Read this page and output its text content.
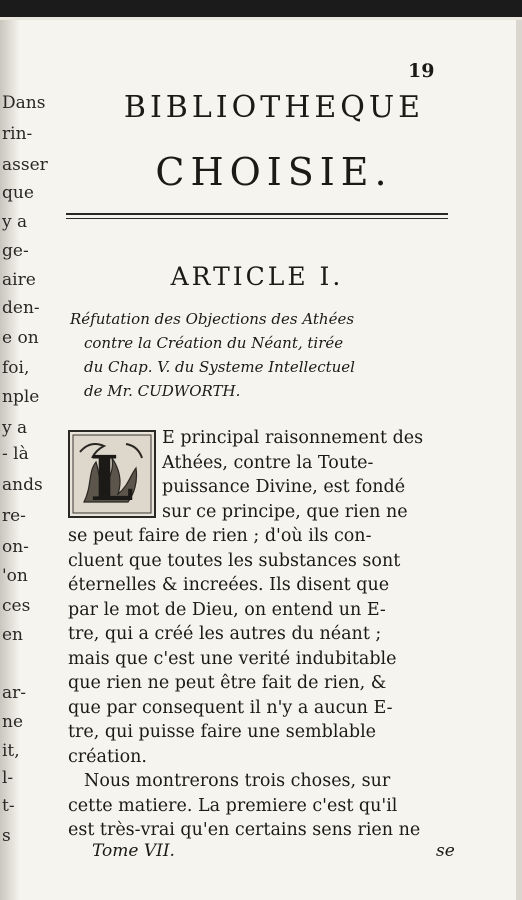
Dans
rin-
asser
que
y a
ge-
aire
den-
e on
foi,
nple
y a
- là
ands
re-
on-
'on
ces
en
ar-
ne
it,
l-
t-
s
19
BIBLIOTHEQUE
CHOISIE.
ARTICLE I.
Réfutation des Objections des Athées
contre la Création du Néant, tirée
du Chap. V. du Systeme Intellectuel
de Mr. CUDWORTH.
L
E principal raisonnement des
Athées, contre la Toute-
puissance Divine, est fondé
sur ce principe, que rien ne
se peut faire de rien ; d'où ils con-
cluent que toutes les substances sont
éternelles & increées. Ils disent que
par le mot de Dieu, on entend un E-
tre, qui a créé les autres du néant ;
mais que c'est une verité indubitable
que rien ne peut être fait de rien, &
que par consequent il n'y a aucun E-
tre, qui puisse faire une semblable
création.
Nous montrerons trois choses, sur
Tome VII.	se
cette matiere. La premiere c'est qu'il
est très-vrai qu'en certains sens rien ne
